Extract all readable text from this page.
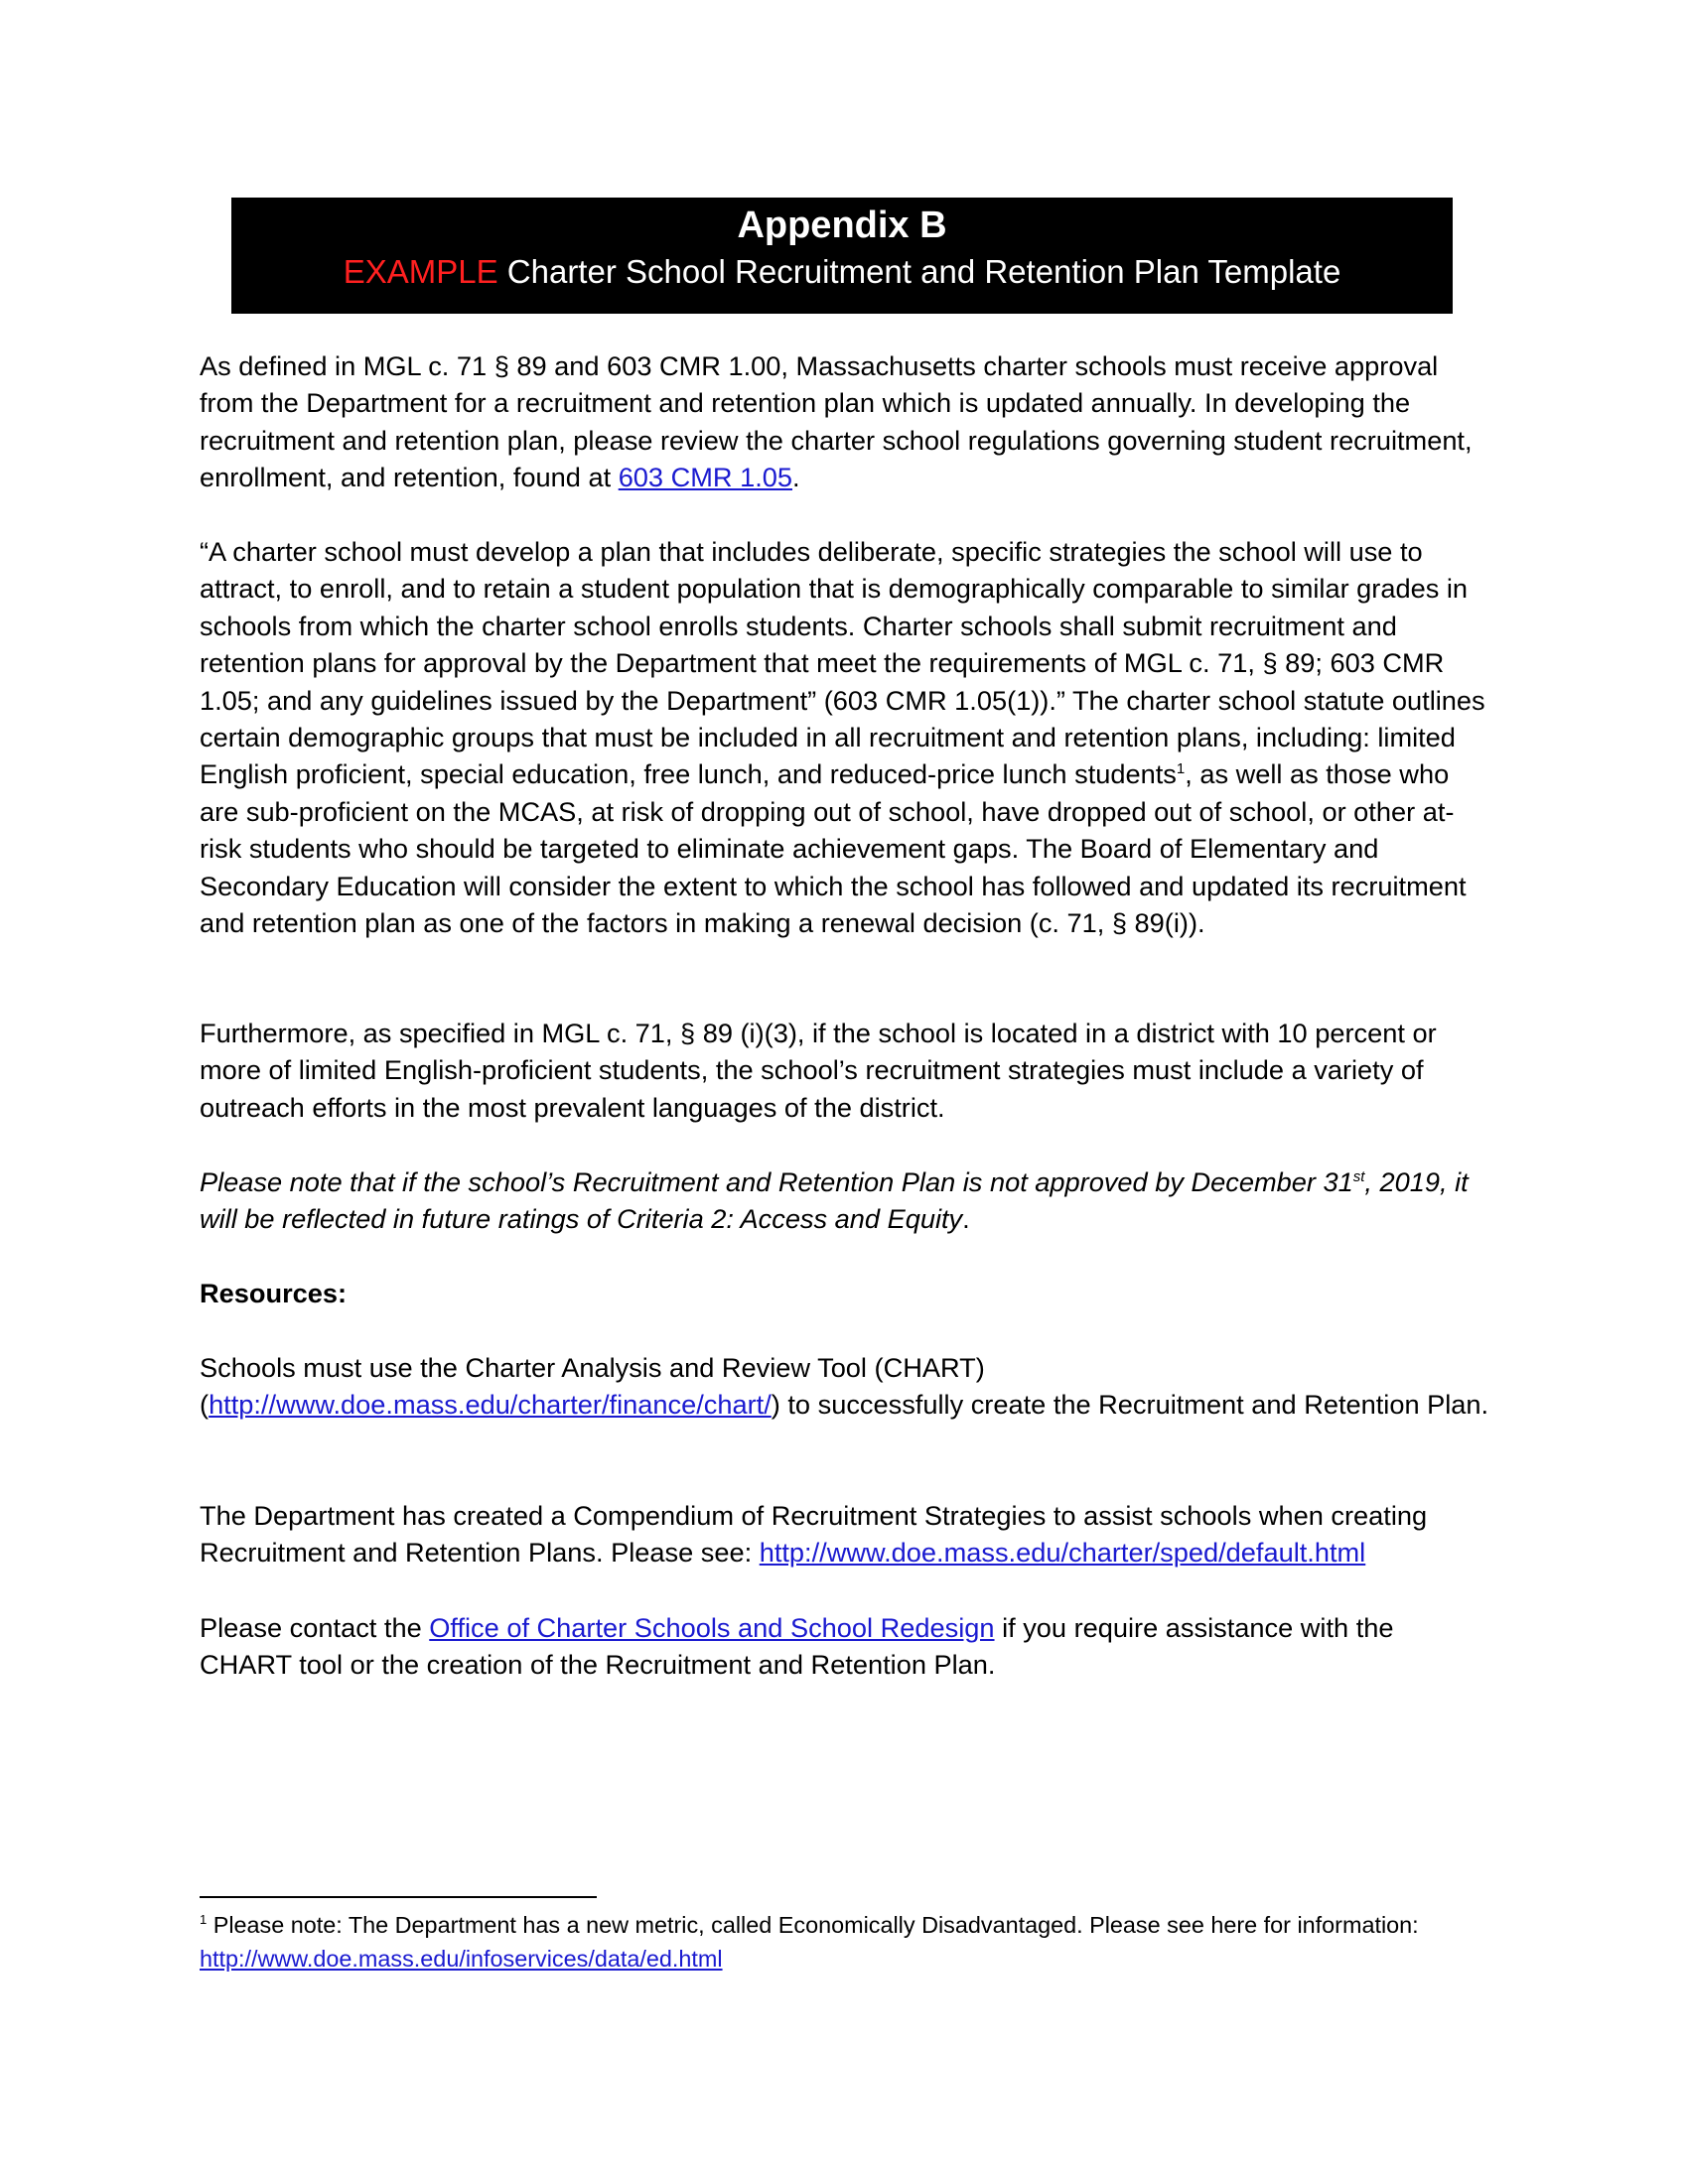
Appendix B
EXAMPLE Charter School Recruitment and Retention Plan Template

As defined in MGL c. 71 § 89 and 603 CMR 1.00, Massachusetts charter schools must receive approval from the Department for a recruitment and retention plan which is updated annually. In developing the recruitment and retention plan, please review the charter school regulations governing student recruitment, enrollment, and retention, found at 603 CMR 1.05.

“A charter school must develop a plan that includes deliberate, specific strategies the school will use to attract, to enroll, and to retain a student population that is demographically comparable to similar grades in schools from which the charter school enrolls students. Charter schools shall submit recruitment and retention plans for approval by the Department that meet the requirements of MGL c. 71, § 89; 603 CMR 1.05; and any guidelines issued by the Department” (603 CMR 1.05(1)).” The charter school statute outlines certain demographic groups that must be included in all recruitment and retention plans, including: limited English proficient, special education, free lunch, and reduced-price lunch students$^1$, as well as those who are sub-proficient on the MCAS, at risk of dropping out of school, have dropped out of school, or other at-risk students who should be targeted to eliminate achievement gaps. The Board of Elementary and Secondary Education will consider the extent to which the school has followed and updated its recruitment and retention plan as one of the factors in making a renewal decision (c. 71, § 89(i)).

Furthermore, as specified in MGL c. 71, § 89 (i)(3), if the school is located in a district with 10 percent or more of limited English-proficient students, the school’s recruitment strategies must include a variety of outreach efforts in the most prevalent languages of the district.

Please note that if the school’s Recruitment and Retention Plan is not approved by December 31st, 2019, it will be reflected in future ratings of Criteria 2: Access and Equity.

Resources:

Schools must use the Charter Analysis and Review Tool (CHART)
(http://www.doe.mass.edu/charter/finance/chart/) to successfully create the Recruitment and Retention Plan.

The Department has created a Compendium of Recruitment Strategies to assist schools when creating Recruitment and Retention Plans. Please see: http://www.doe.mass.edu/charter/sped/default.html

Please contact the Office of Charter Schools and School Redesign if you require assistance with the CHART tool or the creation of the Recruitment and Retention Plan.

$^1$ Please note: The Department has a new metric, called Economically Disadvantaged. Please see here for information: http://www.doe.mass.edu/infoservices/data/ed.html
